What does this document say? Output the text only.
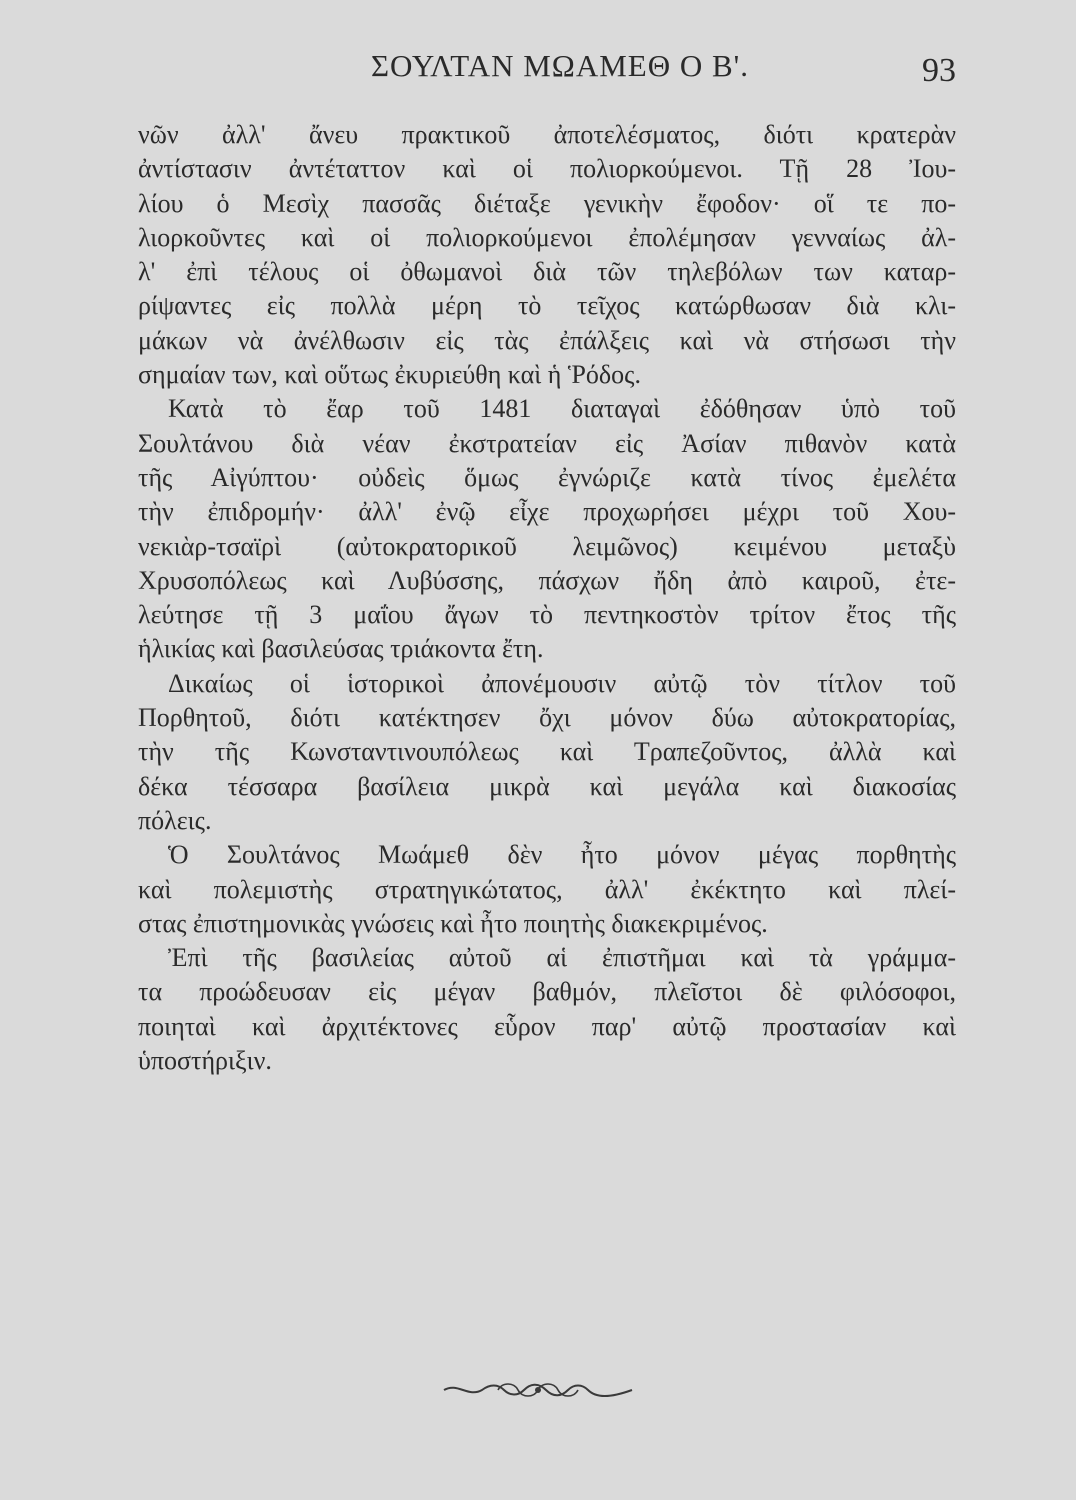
ΣΟΥΛΤΑΝ ΜΩΑΜΕΘ Ο Β'.	93

νῶν ἀλλ' ἄνευ πρακτικοῦ ἀποτελέσματος, διότι κρατερὰν
ἀντίστασιν ἀντέταττον καὶ οἱ πολιορκούμενοι. Τῇ 28 Ἰου-
λίου ὁ Μεσὶχ πασσᾶς διέταξε γενικὴν ἔφοδον· οἵ τε πο-
λιορκοῦντες καὶ οἱ πολιορκούμενοι ἐπολέμησαν γενναίως ἀλ-
λ' ἐπὶ τέλους οἱ ὀθωμανοὶ διὰ τῶν τηλεβόλων των καταρ-
ρίψαντες εἰς πολλὰ μέρη τὸ τεῖχος κατώρθωσαν διὰ κλι-
μάκων νὰ ἀνέλθωσιν εἰς τὰς ἐπάλξεις καὶ νὰ στήσωσι τὴν
σημαίαν των, καὶ οὕτως ἐκυριεύθη καὶ ἡ Ῥόδος.

Κατὰ τὸ ἔαρ τοῦ 1481 διαταγαὶ ἐδόθησαν ὑπὸ τοῦ
Σουλτάνου διὰ νέαν ἐκστρατείαν εἰς Ἀσίαν πιθανὸν κατὰ
τῆς Αἰγύπτου· οὐδεὶς ὅμως ἐγνώριζε κατὰ τίνος ἐμελέτα
τὴν ἐπιδρομήν· ἀλλ' ἐνῷ εἶχε προχωρήσει μέχρι τοῦ Χου-
νεκιὰρ-τσαϊρὶ (αὐτοκρατορικοῦ λειμῶνος) κειμένου μεταξὺ
Χρυσοπόλεως καὶ Λυβύσσης, πάσχων ἤδη ἀπὸ καιροῦ, ἐτε-
λεύτησε τῇ 3 μαΐου ἄγων τὸ πεντηκοστὸν τρίτον ἔτος τῆς
ἡλικίας καὶ βασιλεύσας τριάκοντα ἔτη.

Δικαίως οἱ ἱστορικοὶ ἀπονέμουσιν αὐτῷ τὸν τίτλον τοῦ
Πορθητοῦ, διότι κατέκτησεν ὄχι μόνον δύω αὐτοκρατορίας,
τὴν τῆς Κωνσταντινουπόλεως καὶ Τραπεζοῦντος, ἀλλὰ καὶ
δέκα τέσσαρα βασίλεια μικρὰ καὶ μεγάλα καὶ διακοσίας
πόλεις.

Ὁ Σουλτάνος Μωάμεθ δὲν ἦτο μόνον μέγας πορθητὴς
καὶ πολεμιστὴς στρατηγικώτατος, ἀλλ' ἐκέκτητο καὶ πλεί-
στας ἐπιστημονικὰς γνώσεις καὶ ἦτο ποιητὴς διακεκριμένος.

Ἐπὶ τῆς βασιλείας αὐτοῦ αἱ ἐπιστῆμαι καὶ τὰ γράμμα-
τα προώδευσαν εἰς μέγαν βαθμόν, πλεῖστοι δὲ φιλόσοφοι,
ποιηταὶ καὶ ἀρχιτέκτονες εὗρον παρ' αὐτῷ προστασίαν καὶ
ὑποστήριξιν.
